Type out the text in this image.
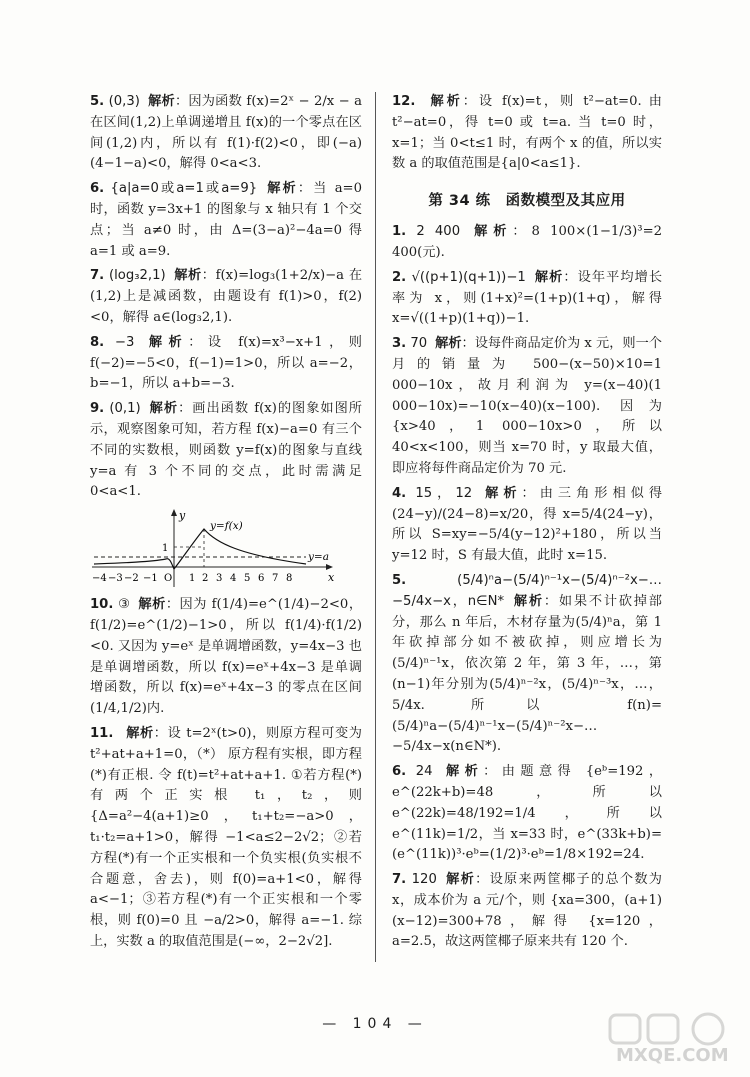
5. (0,3) 解析：因为函数 f(x)=2ˣ − 2/x − a 在区间(1,2)上单调递增且 f(x)的一个零点在区间(1,2)内，所以有 f(1)·f(2)<0，即(−a)(4−1−a)<0，解得 0<a<3.
6. {a|a=0或a=1或a=9} 解析：当 a=0 时，函数 y=3x+1 的图象与 x 轴只有 1 个交点；当 a≠0 时，由 Δ=(3−a)²−4a=0 得 a=1 或 a=9.
7. (log₃2,1) 解析：f(x)=log₃(1+2/x)−a 在(1,2)上是减函数，由题设有 f(1)>0，f(2)<0，解得 a∈(log₃2,1).
8. −3 解析：设 f(x)=x³−x+1，则 f(−2)=−5<0，f(−1)=1>0，所以 a=−2，b=−1，所以 a+b=−3.
9. (0,1) 解析：画出函数 f(x)的图象如图所示，观察图象可知，若方程 f(x)−a=0 有三个不同的实数根，则函数 y=f(x)的图象与直线 y=a 有 3 个不同的交点，此时需满足 0<a<1.
y
x
y=f(x)
y=a
1
−4 −3 −2 −1 O 1 2 3 4 5 6 7 8
10. ③ 解析：因为 f(1/4)=e^(1/4)−2<0，f(1/2)=e^(1/2)−1>0，所以 f(1/4)·f(1/2)<0. 又因为 y=eˣ 是单调增函数，y=4x−3 也是单调增函数，所以 f(x)=eˣ+4x−3 是单调增函数，所以 f(x)=eˣ+4x−3 的零点在区间(1/4,1/2)内.
11. 解析：设 t=2ˣ(t>0)，则原方程可变为 t²+at+a+1=0，（*） 原方程有实根，即方程(*)有正根. 令 f(t)=t²+at+a+1. ①若方程(*)有两个正实根 t₁，t₂，则 {Δ=a²−4(a+1)≥0，t₁+t₂=−a>0，t₁·t₂=a+1>0，解得 −1<a≤2−2√2；②若方程(*)有一个正实根和一个负实根(负实根不合题意，舍去)，则 f(0)=a+1<0，解得 a<−1；③若方程(*)有一个正实根和一个零根，则 f(0)=0 且 −a/2>0，解得 a=−1. 综上，实数 a 的取值范围是(−∞，2−2√2].
12. 解析：设 f(x)=t，则 t²−at=0. 由 t²−at=0，得 t=0 或 t=a. 当 t=0 时，x=1；当 0<t≤1 时，有两个 x 的值，所以实数 a 的取值范围是{a|0<a≤1}.
第 34 练　函数模型及其应用
1. 2 400 解析：8 100×(1−1/3)³=2 400(元).
2. √((p+1)(q+1))−1 解析：设年平均增长率为 x，则(1+x)²=(1+p)(1+q)，解得 x=√((1+p)(1+q))−1.
3. 70 解析：设每件商品定价为 x 元，则一个月的销量为 500−(x−50)×10=1 000−10x，故月利润为 y=(x−40)(1 000−10x)=−10(x−40)(x−100). 因为 {x>40，1 000−10x>0，所以 40<x<100，则当 x=70 时，y 取最大值，即应将每件商品定价为 70 元.
4. 15，12 解析：由三角形相似得 (24−y)/(24−8)=x/20，得 x=5/4(24−y)，所以 S=xy=−5/4(y−12)²+180，所以当 y=12 时，S 有最大值，此时 x=15.
5.	(5/4)ⁿa−(5/4)ⁿ⁻¹x−(5/4)ⁿ⁻²x−…−5/4x−x，n∈N* 解析：如果不计砍掉部分，那么 n 年后，木材存量为(5/4)ⁿa，第 1 年砍掉部分如不被砍掉，则应增长为(5/4)ⁿ⁻¹x，依次第 2 年，第 3 年，…，第(n−1)年分别为(5/4)ⁿ⁻²x，(5/4)ⁿ⁻³x，…，5/4x. 所以 f(n)=(5/4)ⁿa−(5/4)ⁿ⁻¹x−(5/4)ⁿ⁻²x−…−5/4x−x(n∈N*).
6. 24 解析：由题意得 {eᵇ=192，e^(22k+b)=48，所以 e^(22k)=48/192=1/4，所以 e^(11k)=1/2，当 x=33 时，e^(33k+b)=(e^(11k))³·eᵇ=(1/2)³·eᵇ=1/8×192=24.
7. 120 解析：设原来两筐椰子的总个数为 x，成本价为 a 元/个，则 {xa=300，(a+1)(x−12)=300+78，解得 {x=120，a=2.5，故这两筐椰子原来共有 120 个.
— 104 —
MXQE.COM
